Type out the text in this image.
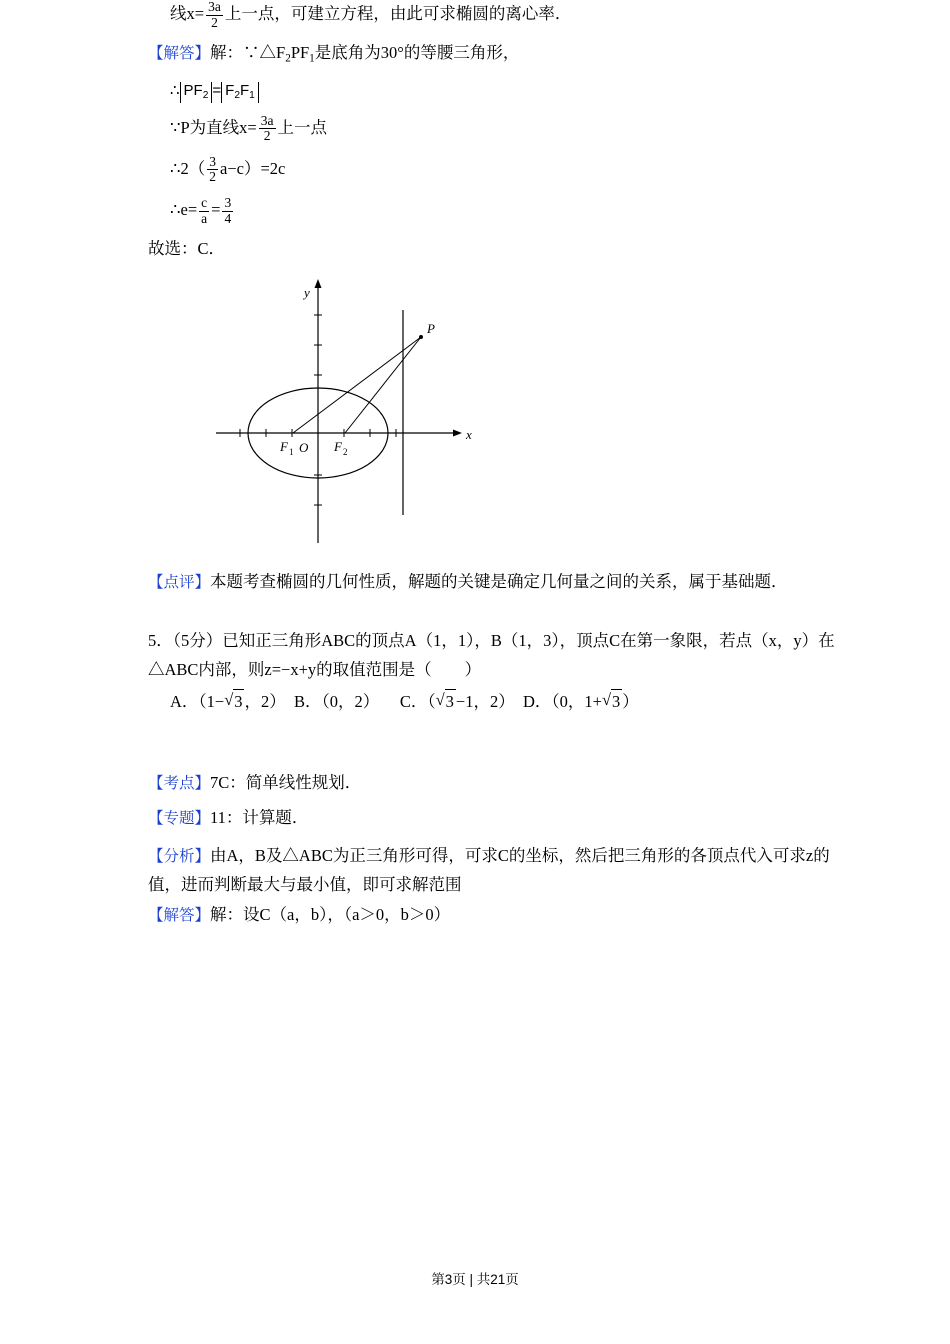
线$x= \frac{3a}{2}$ 上一点，可建立方程，由此可求椭圆的离心率．

【解答】解：$\because\triangle F_2PF_1$是底角为30°的等腰三角形，

∴ $PF_2 = F_2F_1$

∵P为直线$x= \frac{3a}{2}$ 上一点

∴2（ $\frac{3}{2} a-c)=2c$

∴e= $\frac{c}{a} = \frac{3}{4}$

故选：C．

y
x
P
F 1 O F 2

【点评】本题考查椭圆的几何性质，解题的关键是确定几何量之间的关系，属于基础题．

5．（5分）已知正三角形ABC的顶点A（1，1），B（1，3），顶点C在第一象限，若点（x，y）在△ABC内部，则z=−x+y的取值范围是（　　）

A．（1− √ 3 ，2） B．（0，2） C．（ √ 3 −1，2） D．（0，1+ √ 3 ）

【考点】7C：简单线性规划．

【专题】11：计算题．

【分析】由A，B及△ABC为正三角形可得，可求C的坐标，然后把三角形的各顶点代入可求z的值，进而判断最大与最小值，即可求解范围

【解答】解：设C（a，b），（a＞0，b＞0）

第3页 | 共21页
